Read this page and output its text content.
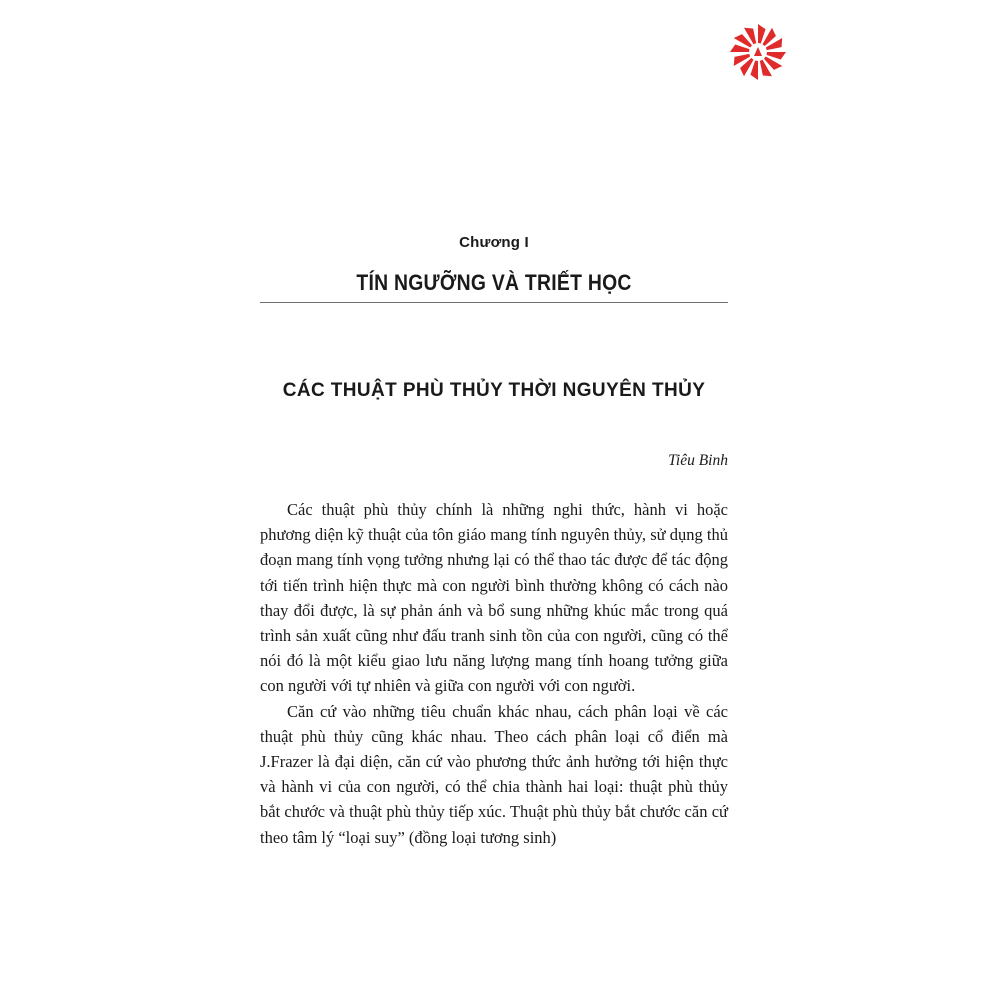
Chương I
TÍN NGƯỠNG VÀ TRIẾT HỌC
CÁC THUẬT PHÙ THỦY THỜI NGUYÊN THỦY
Tiêu Binh

Các thuật phù thủy chính là những nghi thức, hành vi hoặc phương diện kỹ thuật của tôn giáo mang tính nguyên thủy, sử dụng thủ đoạn mang tính vọng tưởng nhưng lại có thể thao tác được để tác động tới tiến trình hiện thực mà con người bình thường không có cách nào thay đổi được, là sự phản ánh và bổ sung những khúc mắc trong quá trình sản xuất cũng như đấu tranh sinh tồn của con người, cũng có thể nói đó là một kiểu giao lưu năng lượng mang tính hoang tưởng giữa con người với tự nhiên và giữa con người với con người.

Căn cứ vào những tiêu chuẩn khác nhau, cách phân loại về các thuật phù thủy cũng khác nhau. Theo cách phân loại cổ điển mà J.Frazer là đại diện, căn cứ vào phương thức ảnh hưởng tới hiện thực và hành vi của con người, có thể chia thành hai loại: thuật phù thủy bắt chước và thuật phù thủy tiếp xúc. Thuật phù thủy bắt chước căn cứ theo tâm lý “loại suy” (đồng loại tương sinh)
